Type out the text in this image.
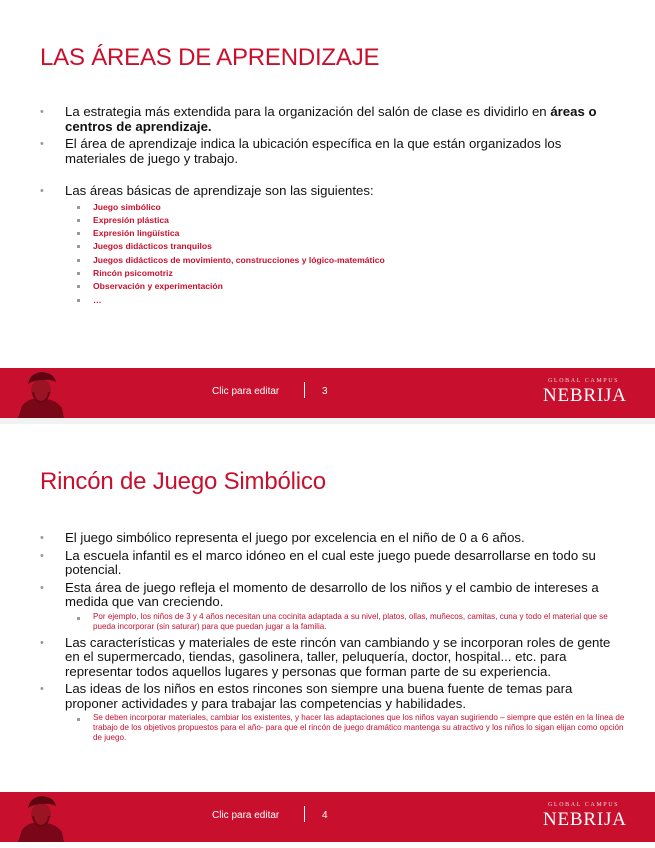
LAS ÁREAS DE APRENDIZAJE
• La estrategia más extendida para la organización del salón de clase es dividirlo en áreas o centros de aprendizaje.
• El área de aprendizaje indica la ubicación específica en la que están organizados los materiales de juego y trabajo.
• Las áreas básicas de aprendizaje son las siguientes:
Juego simbólico
Expresión plástica
Expresión lingüística
Juegos didácticos tranquilos
Juegos didácticos de movimiento, construcciones y lógico-matemático
Rincón psicomotriz
Observación y experimentación
…
Clic para editar	3
GLOBAL CAMPUS
NEBRIJA
Rincón de Juego Simbólico
• El juego simbólico representa el juego por excelencia en el niño de 0 a 6 años.
• La escuela infantil es el marco idóneo en el cual este juego puede desarrollarse en todo su potencial.
• Esta área de juego refleja el momento de desarrollo de los niños y el cambio de intereses a medida que van creciendo.
Por ejemplo, los niños de 3 y 4 años necesitan una cocinita adaptada a su nivel, platos, ollas, muñecos, camitas, cuna y todo el material que se pueda incorporar (sin saturar) para que puedan jugar a la familia.
• Las características y materiales de este rincón van cambiando y se incorporan roles de gente en el supermercado, tiendas, gasolinera, taller, peluquería, doctor, hospital... etc. para representar todos aquellos lugares y personas que forman parte de su experiencia.
• Las ideas de los niños en estos rincones son siempre una buena fuente de temas para proponer actividades y para trabajar las competencias y habilidades.
Se deben incorporar materiales, cambiar los existentes, y hacer las adaptaciones que los niños vayan sugiriendo – siempre que estén en la línea de trabajo de los objetivos propuestos para el año- para que el rincón de juego dramático mantenga su atractivo y los niños lo sigan elijan como opción de juego.
Clic para editar	4
GLOBAL CAMPUS
NEBRIJA
